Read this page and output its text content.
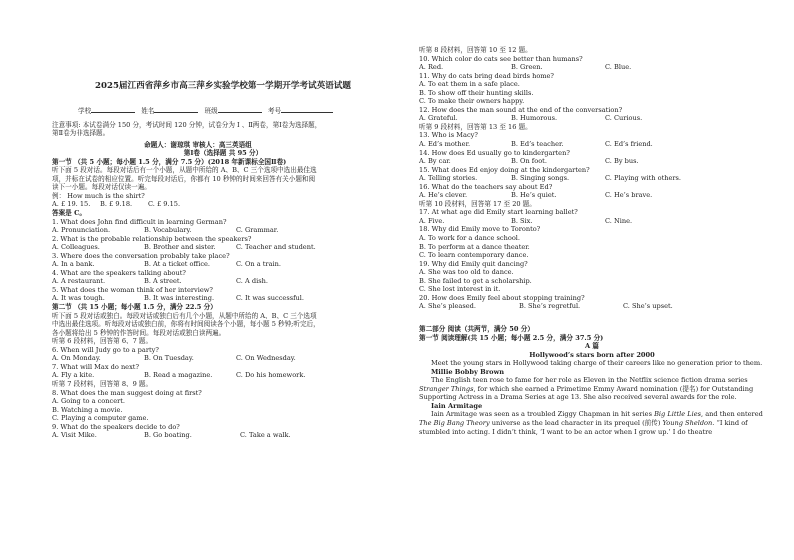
2025届江西省萍乡市高三萍乡实验学校第一学期开学考试英语试题
学校	姓名	班级	考号
注意事项: 本试卷满分 150 分，考试时间 120 分钟，试卷分为 Ⅰ 、Ⅱ两卷，第Ⅰ卷为选择题，
第Ⅱ卷为非选择题。
命题人：谢琼琪 审核人：高三英语组
第Ⅰ卷（选择题 共 95 分）
第一节 （共 5 小题；每小题 1.5 分，满分 7.5 分）(2018 年新课标全国Ⅱ卷)
听下面 5 段对话。每段对话后有一个小题，从题中所给的 A、B、C 三个选项中选出最佳选
项，并标在试卷的相应位置。听完每段对话后，你都有 10 秒钟的时间来回答有关小题和阅
读下一小题。每段对话仅读一遍。
例： How much is the shirt?
A. £ 19. 15.	B. £ 9.18.	C. £ 9.15.
答案是 C。
1. What does John find difficult in learning German?
A. Pronunciation.	B. Vocabulary.	C. Grammar.
2. What is the probable relationship between the speakers?
A. Colleagues.	B. Brother and sister.	C. Teacher and student.
3. Where does the conversation probably take place?
A. In a bank.	B. At a ticket office.	C. On a train.
4. What are the speakers talking about?
A. A restaurant.	B. A street.	C. A dish.
5. What does the woman think of her interview?
A. It was tough.	B. It was interesting.	C. It was successful.
第二节 （共 15 小题；每小题 1.5 分，满分 22.5 分）
听下面 5 段对话或独白。每段对话或独白后有几个小题，从题中所给的 A、B、C 三个选项
中选出最佳选项。听每段对话或独白前，你将有时间阅读各个小题，每小题 5 秒钟;听完后，
各小题将给出 5 秒钟的作答时间。每段对话或独白读两遍。
听第 6 段材料，回答第 6、7 题。
6. When will Judy go to a party?
A. On Monday.	B. On Tuesday.	C. On Wednesday.
7. What will Max do next?
A. Fly a kite.	B. Read a magazine.	C. Do his homework.
听第 7 段材料，回答第 8、9 题。
8. What does the man suggest doing at first?
A. Going to a concert.
B. Watching a movie.
C. Playing a computer game.
9. What do the speakers decide to do?
A. Visit Mike.	B. Go boating.	C. Take a walk.
听第 8 段材料，回答第 10 至 12 题。
10. Which color do cats see better than humans?
A. Red.	B. Green.	C. Blue.
11. Why do cats bring dead birds home?
A. To eat them in a safe place.
B. To show off their hunting skills.
C. To make their owners happy.
12. How does the man sound at the end of the conversation?
A. Grateful.	B. Humorous.	C. Curious.
听第 9 段材料，回答第 13 至 16 题。
13. Who is Macy?
A. Ed’s mother.	B. Ed’s teacher.	C. Ed’s friend.
14. How does Ed usually go to kindergarten?
A. By car.	B. On foot.	C. By bus.
15. What does Ed enjoy doing at the kindergarten?
A. Telling stories.	B. Singing songs.	C. Playing with others.
16. What do the teachers say about Ed?
A. He’s clever.	B. He’s quiet.	C. He’s brave.
听第 10 段材料，回答第 17 至 20 题。
17. At what age did Emily start learning ballet?
A. Five.	B. Six.	C. Nine.
18. Why did Emily move to Toronto?
A. To work for a dance school.
B. To perform at a dance theater.
C. To learn contemporary dance.
19. Why did Emily quit dancing?
A. She was too old to dance.
B. She failed to get a scholarship.
C. She lost interest in it.
20. How does Emily feel about stopping training?
A. She’s pleased.	B. She’s regretful.	C. She’s upset.
第二部分 阅读（共两节，满分 50 分）
第一节 阅读理解(共 15 小题；每小题 2.5 分，满分 37.5 分)
A 篇
Hollywood’s stars born after 2000
Meet the young stars in Hollywood taking charge of their careers like no generation prior to them.
Millie Bobby Brown
The English teen rose to fame for her role as Eleven in the Netflix science fiction drama series Stranger Things, for which she earned a Primetime Emmy Award nomination (提名) for Outstanding Supporting Actress in a Drama Series at age 13. She also received several awards for the role.
Iain Armitage
Iain Armitage was seen as a troubled Ziggy Chapman in hit series Big Little Lies, and then entered The Big Bang Theory universe as the lead character in its prequel (前传) Young Sheldon. “I kind of stumbled into acting. I didn’t think, ‘I want to be an actor when I grow up.’ I do theatre
